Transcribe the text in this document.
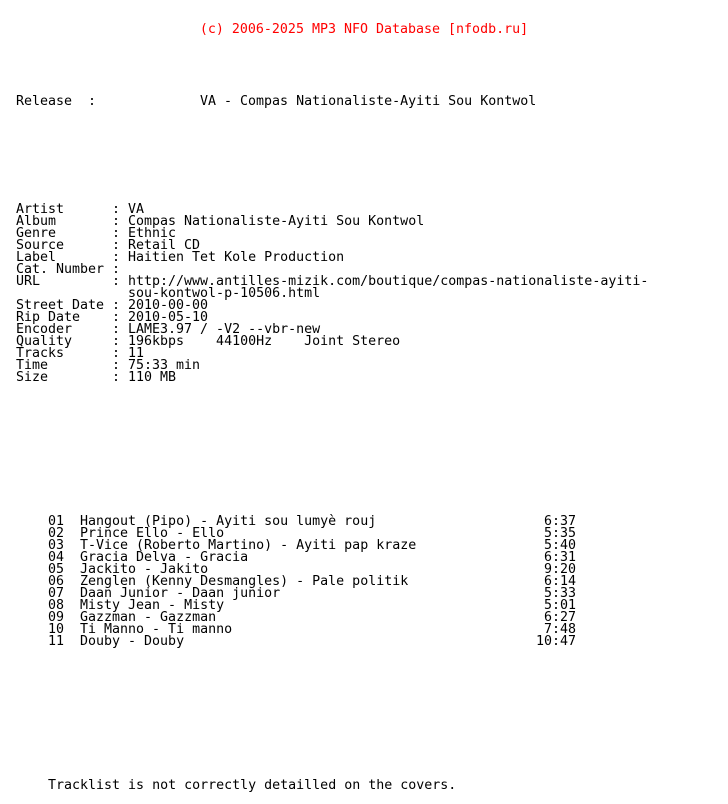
(c) 2006-2025 MP3 NFO Database [nfodb.ru]

Release  :	VA - Compas Nationaliste-Ayiti Sou Kontwol

Artist	: VA
Album	: Compas Nationaliste-Ayiti Sou Kontwol
Genre	: Ethnic
Source	: Retail CD
Label	: Haitien Tet Kole Production
Cat. Number :
URL	: http://www.antilles-mizik.com/boutique/compas-nationaliste-ayiti-
sou-kontwol-p-10506.html
Street Date : 2010-00-00
Rip Date : 2010-05-10
Encoder	: LAME3.97 / -V2 --vbr-new
Quality	: 196kbps    44100Hz    Joint Stereo
Tracks	: 11
Time	: 75:33 min
Size	: 110 MB

01 Hangout (Pipo) - Ayiti sou lumyè rouj	6:37
02 Prince Ello - Ello	5:35
03 T-Vice (Roberto Martino) - Ayiti pap kraze	5:40
04 Gracia Delva - Gracia	6:31
05 Jackito - Jakito	9:20
06 Zenglen (Kenny Desmangles) - Pale politik	6:14
07 Daan Junior - Daan junior	5:33
08 Misty Jean - Misty	5:01
09 Gazzman - Gazzman	6:27
10 Ti Manno - Ti manno	7:48
11 Douby - Douby	10:47

Tracklist is not correctly detailled on the covers.
